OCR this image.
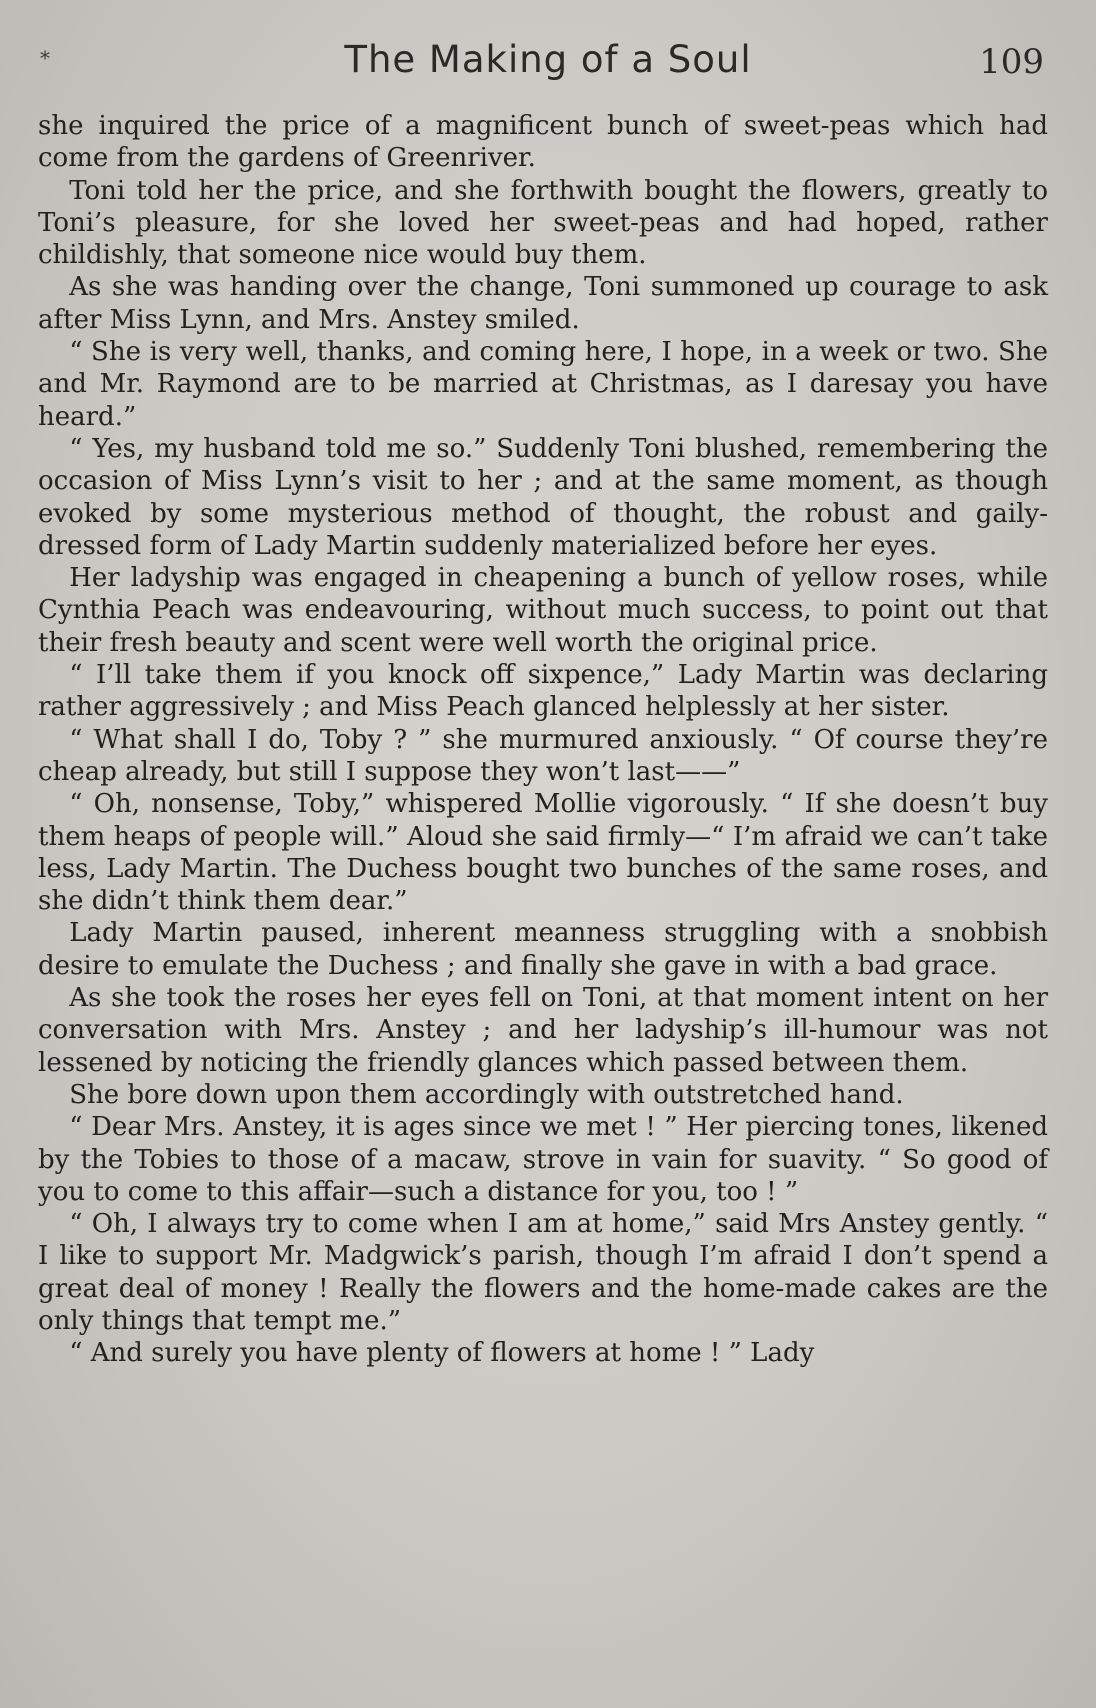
*	The Making of a Soul	109

she inquired the price of a magnificent bunch of sweet-peas which had come from the gardens of Greenriver.

Toni told her the price, and she forthwith bought the flowers, greatly to Toni’s pleasure, for she loved her sweet-peas and had hoped, rather childishly, that someone nice would buy them.

As she was handing over the change, Toni summoned up courage to ask after Miss Lynn, and Mrs. Anstey smiled.

“ She is very well, thanks, and coming here, I hope, in a week or two. She and Mr. Raymond are to be married at Christmas, as I daresay you have heard.”

“ Yes, my husband told me so.” Suddenly Toni blushed, remembering the occasion of Miss Lynn’s visit to her ; and at the same moment, as though evoked by some mysterious method of thought, the robust and gaily-dressed form of Lady Martin suddenly materialized before her eyes.

Her ladyship was engaged in cheapening a bunch of yellow roses, while Cynthia Peach was endeavouring, without much success, to point out that their fresh beauty and scent were well worth the original price.

“ I’ll take them if you knock off sixpence,” Lady Martin was declaring rather aggressively ; and Miss Peach glanced helplessly at her sister.

“ What shall I do, Toby ? ” she murmured anxiously. “ Of course they’re cheap already, but still I suppose they won’t last——”

“ Oh, nonsense, Toby,” whispered Mollie vigorously. “ If she doesn’t buy them heaps of people will.” Aloud she said firmly—“ I’m afraid we can’t take less, Lady Martin. The Duchess bought two bunches of the same roses, and she didn’t think them dear.”

Lady Martin paused, inherent meanness struggling with a snobbish desire to emulate the Duchess ; and finally she gave in with a bad grace.

As she took the roses her eyes fell on Toni, at that moment intent on her conversation with Mrs. Anstey ; and her ladyship’s ill-humour was not lessened by noticing the friendly glances which passed between them.

She bore down upon them accordingly with outstretched hand.

“ Dear Mrs. Anstey, it is ages since we met ! ” Her piercing tones, likened by the Tobies to those of a macaw, strove in vain for suavity. “ So good of you to come to this affair—such a distance for you, too ! ”

“ Oh, I always try to come when I am at home,” said Mrs Anstey gently. “ I like to support Mr. Madgwick’s parish, though I’m afraid I don’t spend a great deal of money ! Really the flowers and the home-made cakes are the only things that tempt me.”

“ And surely you have plenty of flowers at home ! ” Lady
